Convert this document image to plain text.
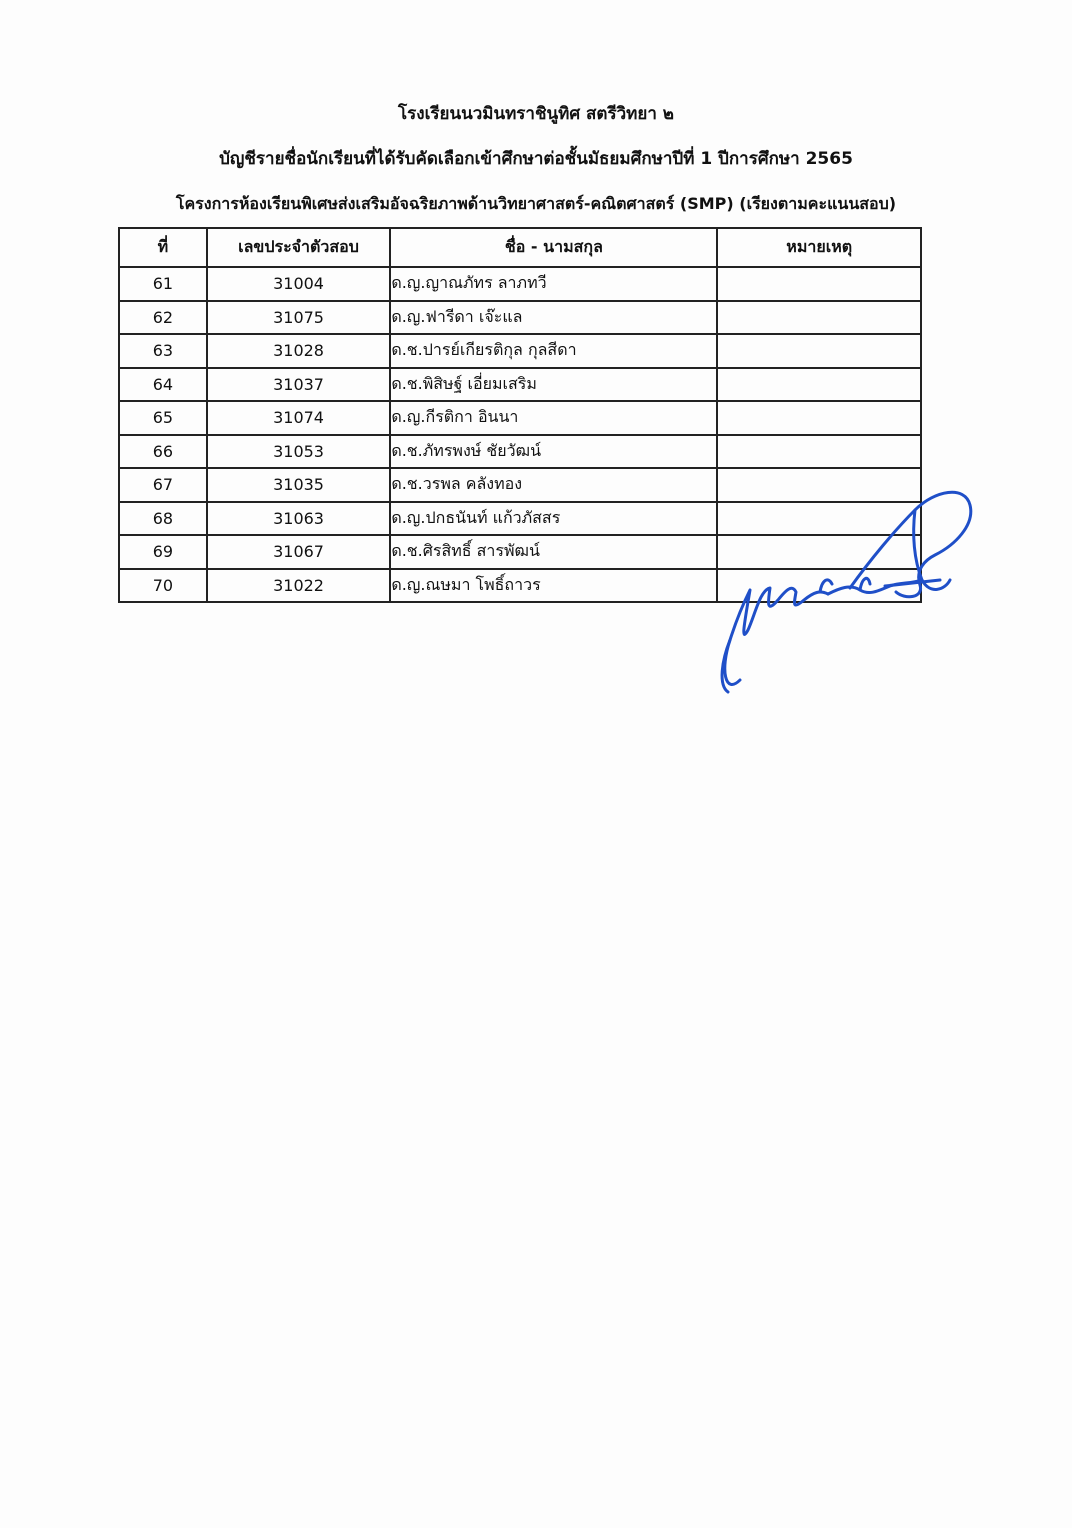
โรงเรียนนวมินทราชินูทิศ สตรีวิทยา ๒
บัญชีรายชื่อนักเรียนที่ได้รับคัดเลือกเข้าศึกษาต่อชั้นมัธยมศึกษาปีที่ 1 ปีการศึกษา 2565
โครงการห้องเรียนพิเศษส่งเสริมอัจฉริยภาพด้านวิทยาศาสตร์-คณิตศาสตร์ (SMP) (เรียงตามคะแนนสอบ)
ที่	เลขประจำตัวสอบ	ชื่อ - นามสกุล	หมายเหตุ
61	31004	ด.ญ.ญาณภัทร ลาภทวี	
62	31075	ด.ญ.ฟารีดา เจ๊ะแล	
63	31028	ด.ช.ปารย์เกียรติกุล กุลสีดา	
64	31037	ด.ช.พิสิษฐ์ เอี่ยมเสริม	
65	31074	ด.ญ.กีรติกา อินนา	
66	31053	ด.ช.ภัทรพงษ์ ชัยวัฒน์	
67	31035	ด.ช.วรพล คลังทอง	
68	31063	ด.ญ.ปกธนันท์ แก้วภัสสร	
69	31067	ด.ช.ศิรสิทธิ์ สารพัฒน์	
70	31022	ด.ญ.ณษมา โพธิ์ถาวร	
